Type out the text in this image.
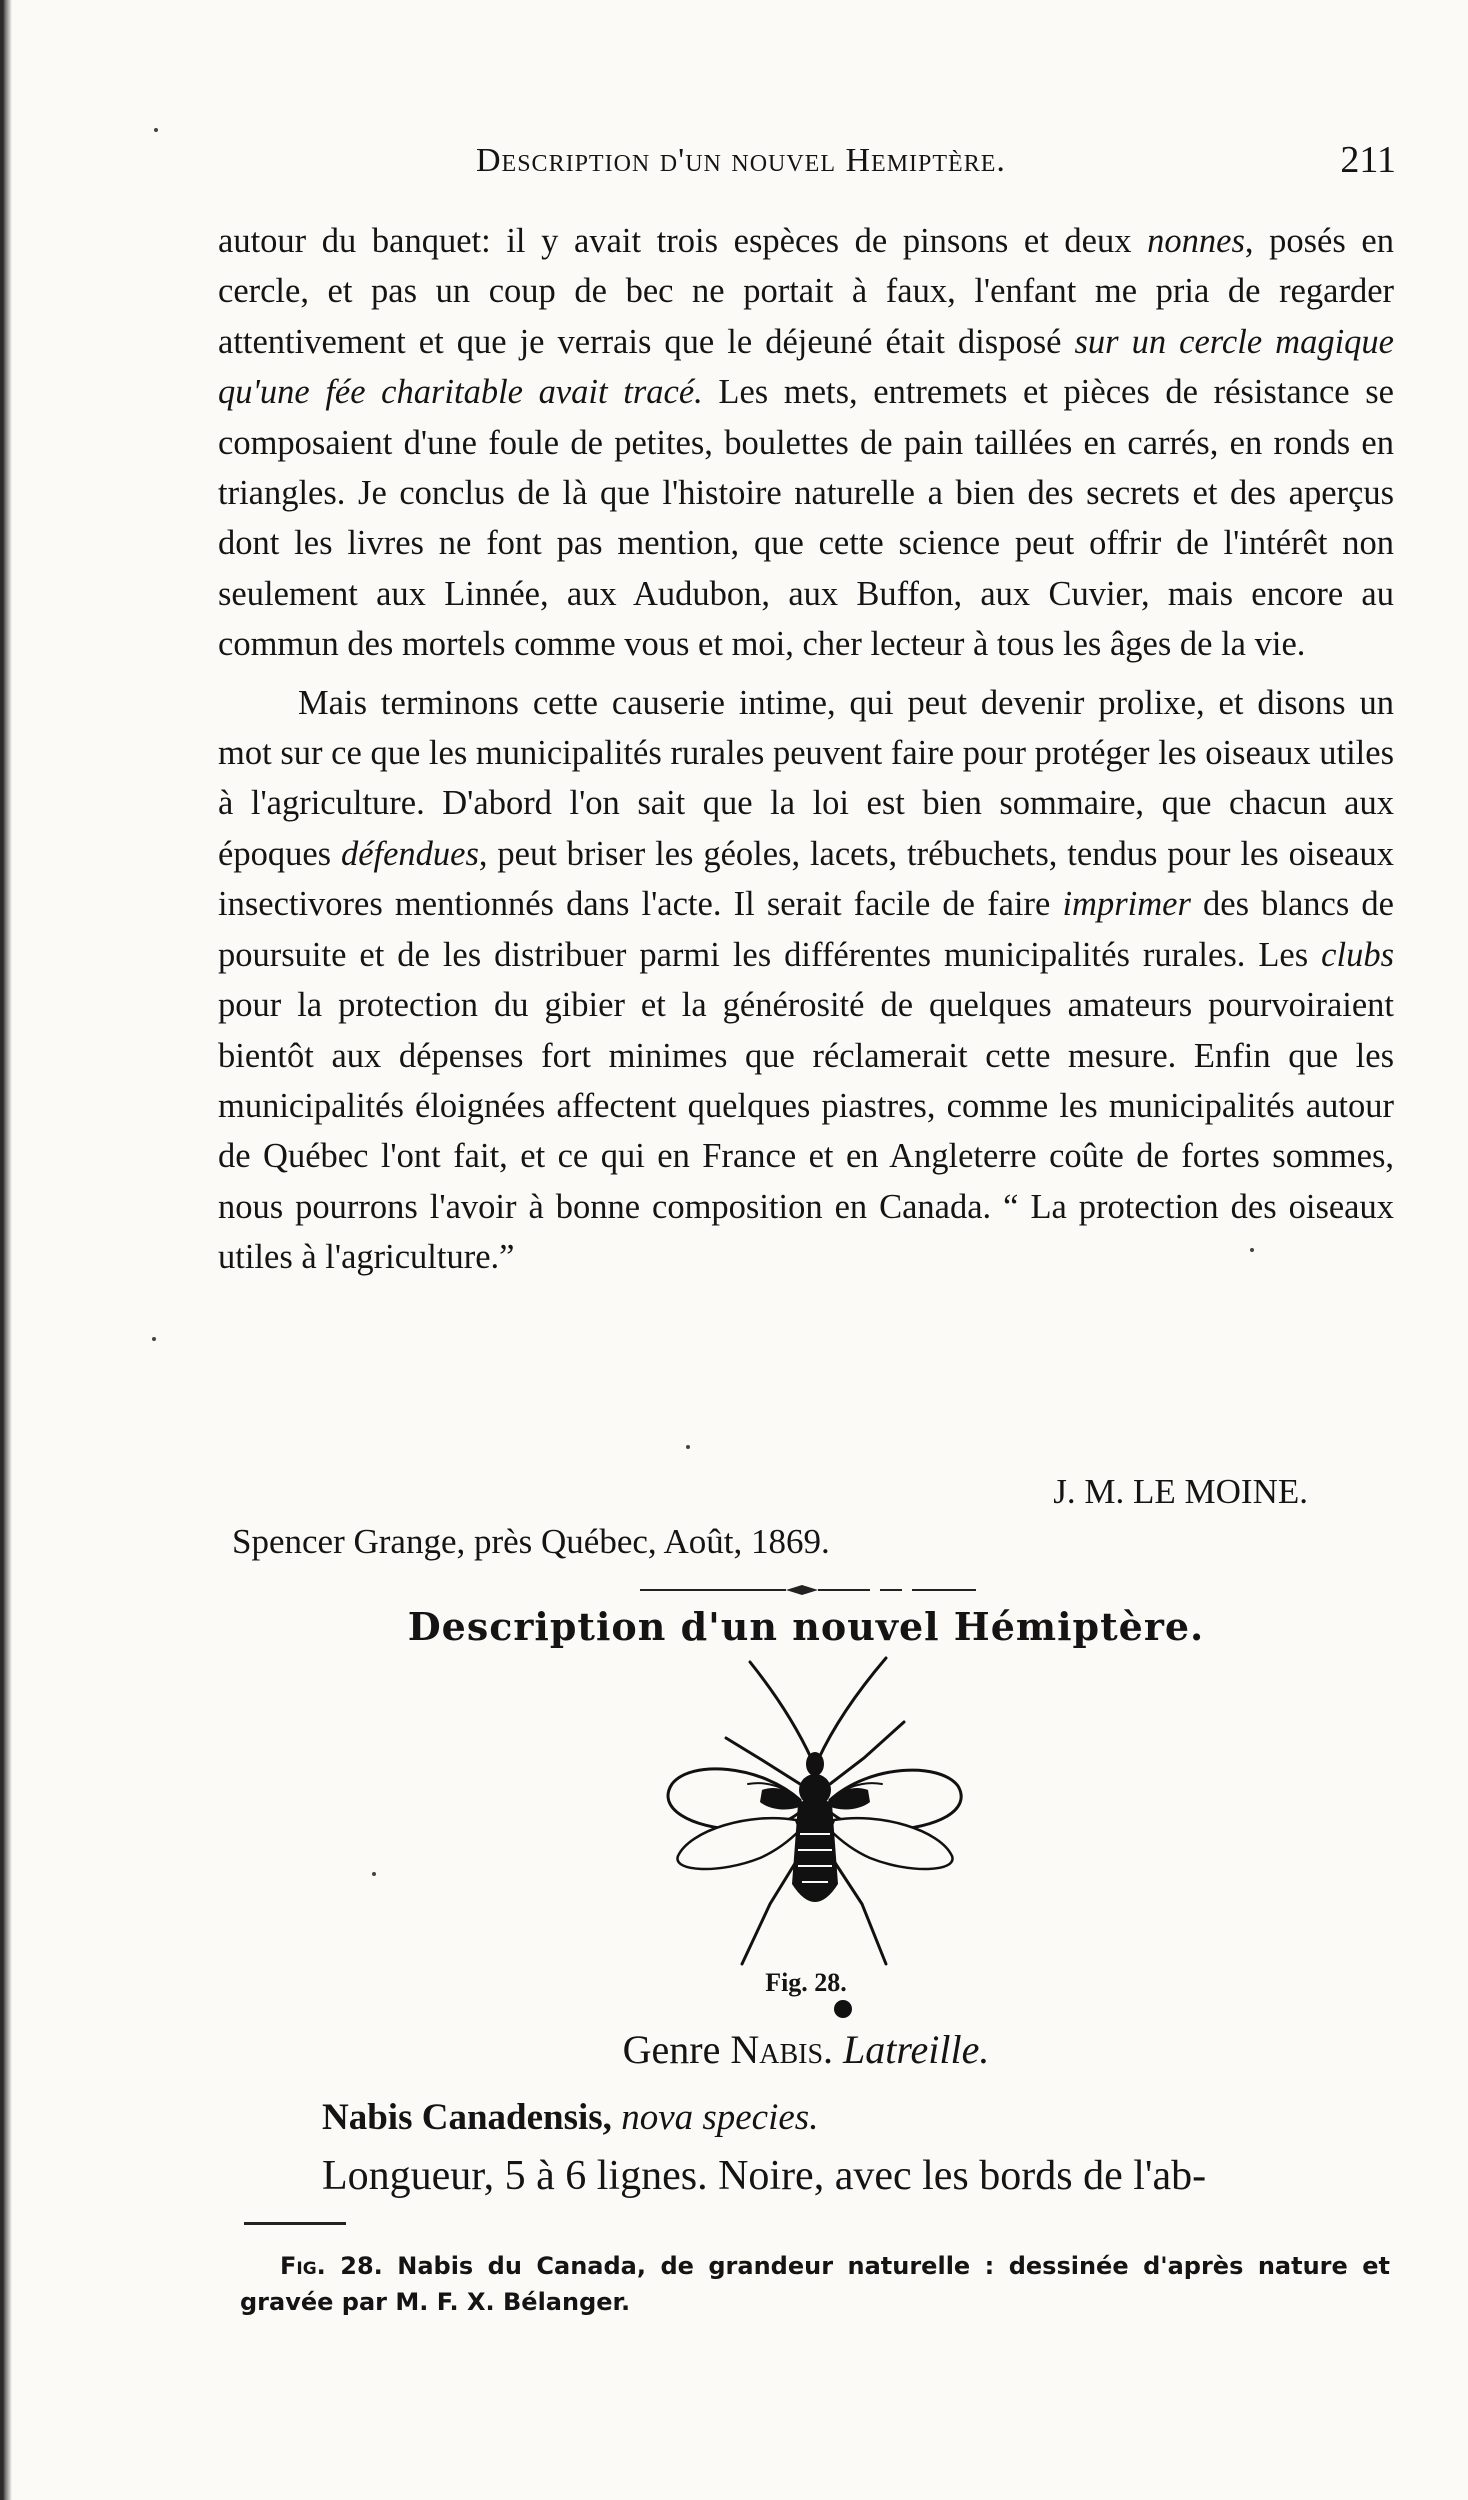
Description d'un nouvel Hemiptère.	211

autour du banquet: il y avait trois espèces de pinsons et deux nonnes, posés en cercle, et pas un coup de bec ne portait à faux, l'enfant me pria de regarder attentivement et que je verrais que le déjeuné était disposé sur un cercle magique qu'une fée charitable avait tracé. Les mets, entremets et pièces de résistance se composaient d'une foule de petites, boulettes de pain taillées en carrés, en ronds en triangles. Je conclus de là que l'histoire naturelle a bien des secrets et des aperçus dont les livres ne font pas mention, que cette science peut offrir de l'intérêt non seulement aux Linnée, aux Audubon, aux Buffon, aux Cuvier, mais encore au commun des mortels comme vous et moi, cher lecteur à tous les âges de la vie.

Mais terminons cette causerie intime, qui peut devenir prolixe, et disons un mot sur ce que les municipalités rurales peuvent faire pour protéger les oiseaux utiles à l'agriculture. D'abord l'on sait que la loi est bien sommaire, que chacun aux époques défendues, peut briser les géoles, lacets, trébuchets, tendus pour les oiseaux insectivores mentionnés dans l'acte. Il serait facile de faire imprimer des blancs de poursuite et de les distribuer parmi les différentes municipalités rurales. Les clubs pour la protection du gibier et la générosité de quelques amateurs pourvoiraient bientôt aux dépenses fort minimes que réclamerait cette mesure. Enfin que les municipalités éloignées affectent quelques piastres, comme les municipalités autour de Québec l'ont fait, et ce qui en France et en Angleterre coûte de fortes sommes, nous pourrons l'avoir à bonne composition en Canada. “ La protection des oiseaux utiles à l'agriculture.”

J. M. LE MOINE.
Spencer Grange, près Québec, Août, 1869.
Description d'un nouvel Hémiptère.
Fig. 28.
Genre Nabis. Latreille.
Nabis Canadensis, nova species.
Longueur, 5 à 6 lignes. Noire, avec les bords de l'ab-
Fig. 28. Nabis du Canada, de grandeur naturelle : dessinée d'après nature et gravée par M. F. X. Bélanger.
